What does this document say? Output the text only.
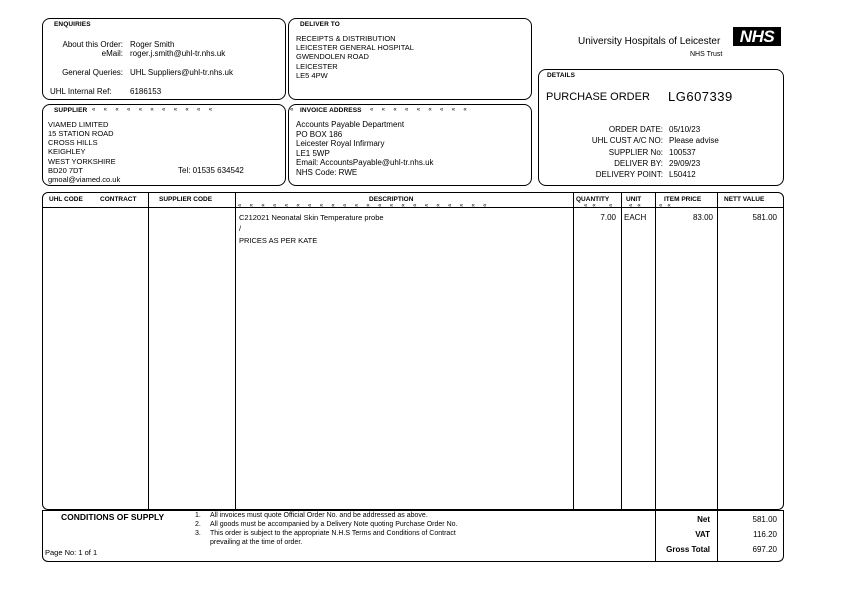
University Hospitals of Leicester	NHS
NHS Trust
ENQUIRIES
About this Order: Roger Smith
eMail: roger.j.smith@uhl-tr.nhs.uk
General Queries: UHL Suppliers@uhl-tr.nhs.uk
UHL Internal Ref: 6186153
DELIVER TO
RECEIPTS & DISTRIBUTION
LEICESTER GENERAL HOSPITAL
GWENDOLEN ROAD
LEICESTER
LE5 4PW
«     «     «     «     «     «     «     «     «     «     «
SUPPLIER
VIAMED LIMITED
15 STATION ROAD
CROSS HILLS
KEIGHLEY
WEST YORKSHIRE
BD20 7DT	Tel: 01535 634542
gmoal@viamed.co.uk
«     «     «     «     «     «     «     «     «
«	INVOICE ADDRESS
Accounts Payable Department
PO BOX 186
Leicester Royal Infirmary
LE1 5WP
Email: AccountsPayable@uhl-tr.nhs.uk
NHS Code: RWE
DETAILS
PURCHASE ORDER LG607339
ORDER DATE: 05/10/23
UHL CUST A/C NO: Please advise
SUPPLIER No: 100537
DELIVER BY: 29/09/23
DELIVERY POINT: L50412
UHL CODE	CONTRACT	SUPPLIER CODE	DESCRIPTION	QUANTITY	UNIT	ITEM PRICE	NETT VALUE
«     «     «     «     «     «     «     «     «     «     «     «     «     «     «     «     «     «     «     «     «     «	«   «        «          «   «           «   «
C212021 Neonatal Skin Temperature probe
/
PRICES AS PER KATE
7.00 EACH	83.00	581.00
CONDITIONS OF SUPPLY	1. All invoices must quote Official Order No. and be addressed as above.
2. All goods must be accompanied by a Delivery Note quoting Purchase Order No.
3. This order is subject to the appropriate N.H.S Terms and Conditions of Contract
prevailing at the time of order.
Page No: 1 of 1
Net	581.00
VAT	116.20
Gross Total	697.20
